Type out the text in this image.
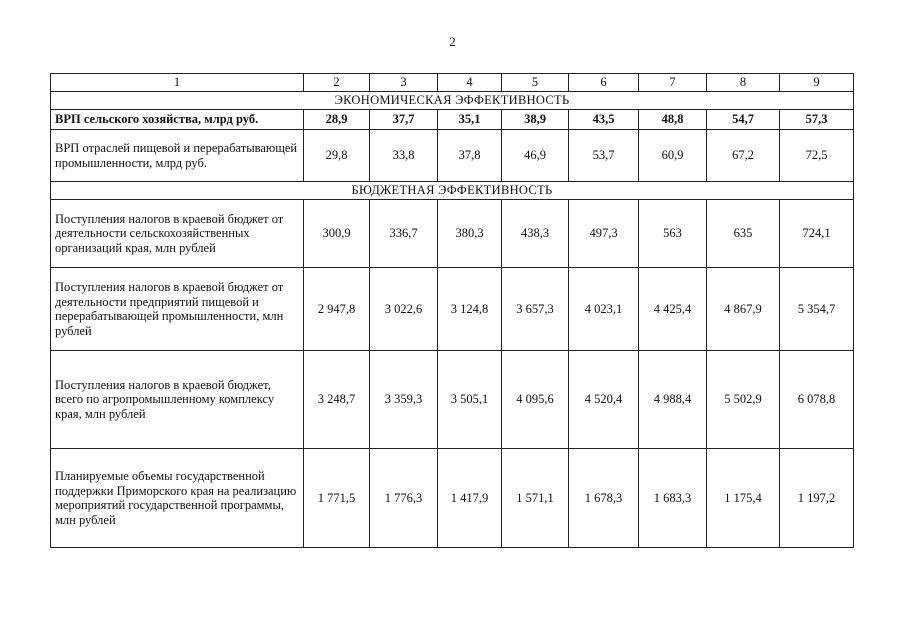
2
1	2	3	4	5	6	7	8	9
ЭКОНОМИЧЕСКАЯ ЭФФЕКТИВНОСТЬ								
ВРП сельского хозяйства, млрд руб.	28,9	37,7	35,1	38,9	43,5	48,8	54,7	57,3
ВРП отраслей пищевой и перерабатывающей промышленности, млрд руб.	29,8	33,8	37,8	46,9	53,7	60,9	67,2	72,5
БЮДЖЕТНАЯ ЭФФЕКТИВНОСТЬ								
Поступления налогов в краевой бюджет от деятельности сельскохозяйственных организаций края, млн рублей	300,9	336,7	380,3	438,3	497,3	563	635	724,1
Поступления налогов в краевой бюджет от деятельности предприятий пищевой и перерабатывающей промышленности, млн рублей	2 947,8	3 022,6	3 124,8	3 657,3	4 023,1	4 425,4	4 867,9	5 354,7
Поступления налогов в краевой бюджет, всего по агропромышленному комплексу края, млн рублей	3 248,7	3 359,3	3 505,1	4 095,6	4 520,4	4 988,4	5 502,9	6 078,8
Планируемые объемы государственной поддержки Приморского края на реализацию мероприятий государственной программы, млн рублей	1 771,5	1 776,3	1 417,9	1 571,1	1 678,3	1 683,3	1 175,4	1 197,2
